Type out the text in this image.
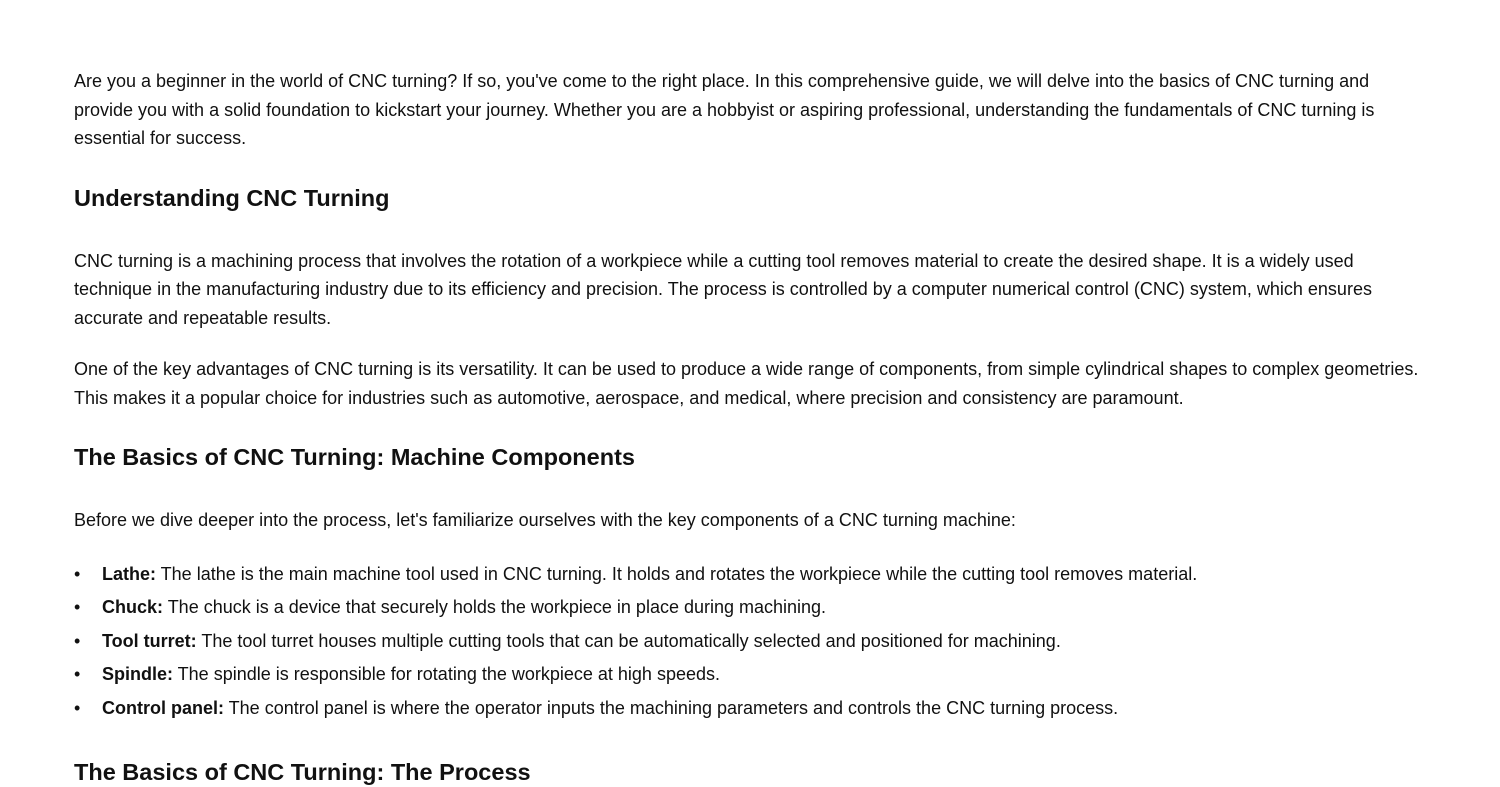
Are you a beginner in the world of CNC turning? If so, you've come to the right place. In this comprehensive guide, we will delve into the basics of CNC turning and provide you with a solid foundation to kickstart your journey. Whether you are a hobbyist or aspiring professional, understanding the fundamentals of CNC turning is essential for success.

Understanding CNC Turning

CNC turning is a machining process that involves the rotation of a workpiece while a cutting tool removes material to create the desired shape. It is a widely used technique in the manufacturing industry due to its efficiency and precision. The process is controlled by a computer numerical control (CNC) system, which ensures accurate and repeatable results.

One of the key advantages of CNC turning is its versatility. It can be used to produce a wide range of components, from simple cylindrical shapes to complex geometries. This makes it a popular choice for industries such as automotive, aerospace, and medical, where precision and consistency are paramount.

The Basics of CNC Turning: Machine Components

Before we dive deeper into the process, let's familiarize ourselves with the key components of a CNC turning machine:

• Lathe: The lathe is the main machine tool used in CNC turning. It holds and rotates the workpiece while the cutting tool removes material.
• Chuck: The chuck is a device that securely holds the workpiece in place during machining.
• Tool turret: The tool turret houses multiple cutting tools that can be automatically selected and positioned for machining.
• Spindle: The spindle is responsible for rotating the workpiece at high speeds.
• Control panel: The control panel is where the operator inputs the machining parameters and controls the CNC turning process.
The Basics of CNC Turning: The Process
